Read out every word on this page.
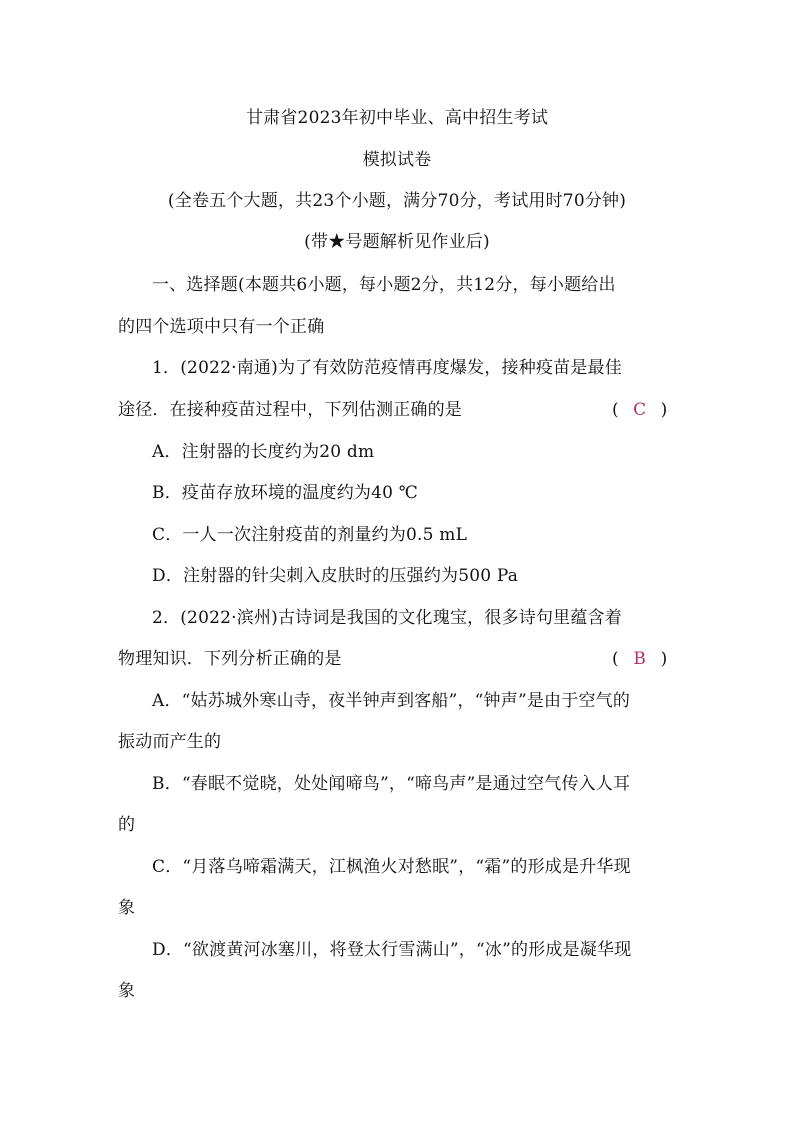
甘肃省2023年初中毕业、高中招生考试
模拟试卷
(全卷五个大题，共23个小题，满分70分，考试用时70分钟)
(带★号题解析见作业后)
一、选择题(本题共6小题，每小题2分，共12分，每小题给出
的四个选项中只有一个正确
1．(2022·南通)为了有效防范疫情再度爆发，接种疫苗是最佳
途径．在接种疫苗过程中，下列估测正确的是	( C )
A．注射器的长度约为20 dm
B．疫苗存放环境的温度约为40 ℃
C．一人一次注射疫苗的剂量约为0.5 mL
D．注射器的针尖刺入皮肤时的压强约为500 Pa
2．(2022·滨州)古诗词是我国的文化瑰宝，很多诗句里蕴含着
物理知识．下列分析正确的是	( B )
A．“姑苏城外寒山寺，夜半钟声到客船”，“钟声”是由于空气的
振动而产生的
B．“春眠不觉晓，处处闻啼鸟”，“啼鸟声”是通过空气传入人耳
的
C．“月落乌啼霜满天，江枫渔火对愁眠”，“霜”的形成是升华现
象
D．“欲渡黄河冰塞川，将登太行雪满山”，“冰”的形成是凝华现
象
